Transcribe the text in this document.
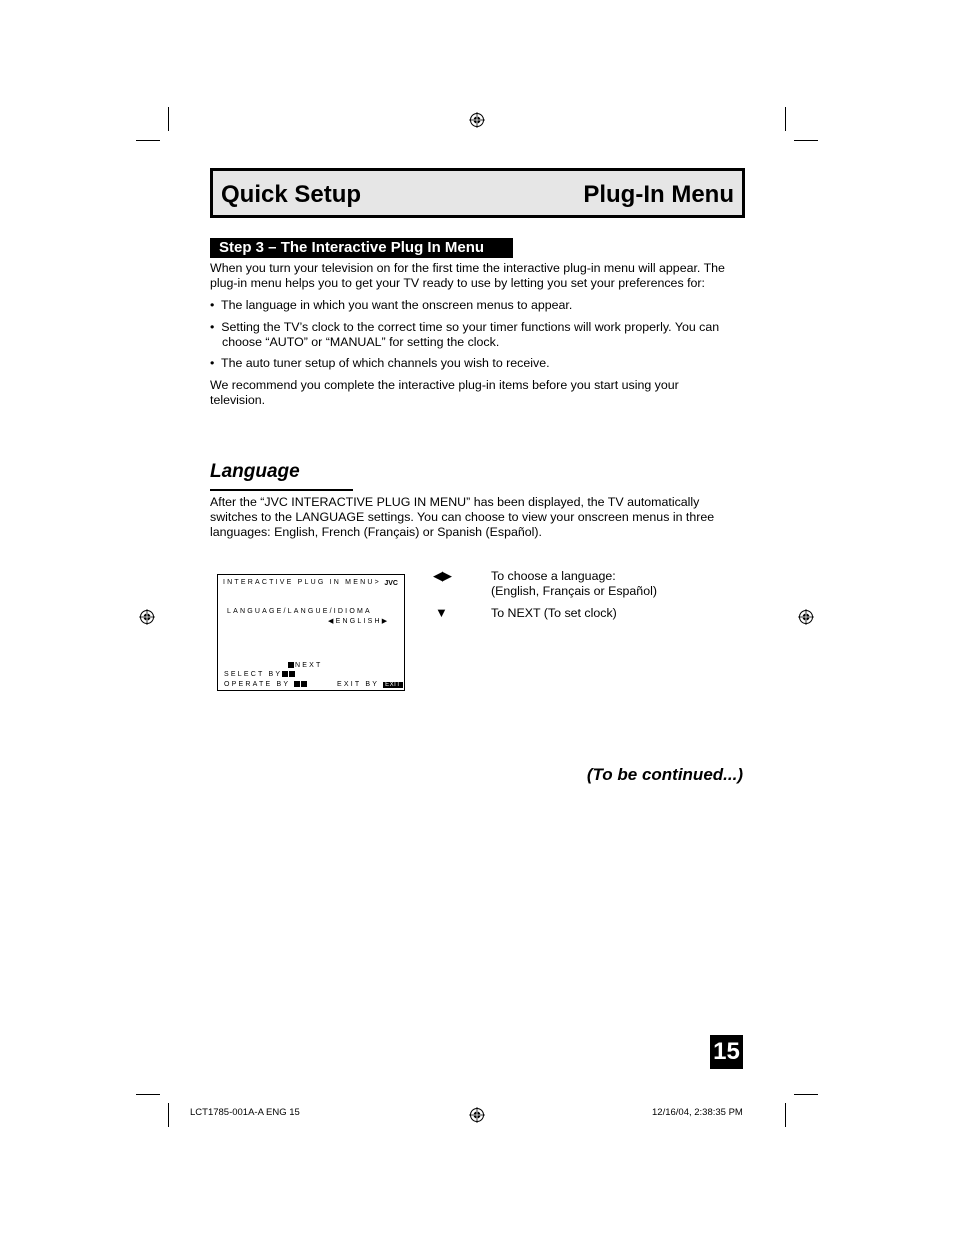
Quick Setup	Plug-In Menu
Step 3 – The Interactive Plug In Menu
When you turn your television on for the first time the interactive plug-in menu will appear. The
plug-in menu helps you to get your TV ready to use by letting you set your preferences for:
•  The language in which you want the onscreen menus to appear.
•  Setting the TV’s clock to the correct time so your timer functions will work properly. You can choose “AUTO” or “MANUAL” for setting the clock.
•  The auto tuner setup of which channels you wish to receive.
We recommend you complete the interactive plug-in items before you start using your
television.
Language
After the “JVC INTERACTIVE PLUG IN MENU” has been displayed, the TV automatically
switches to the LANGUAGE settings. You can choose to view your onscreen menus in three
languages: English, French (Français) or Spanish (Español).
INTERACTIVE PLUG IN MENU> JVC
LANGUAGE/LANGUE/IDIOMA
◀ENGLISH▶
NEXT
SELECT BY
OPERATE BY	EXIT BY EXIT
◀▶	To choose a language:
(English, Français or Español)
▼	To NEXT (To set clock)
(To be continued...)
15
LCT1785-001A-A ENG 15	12/16/04, 2:38:35 PM
